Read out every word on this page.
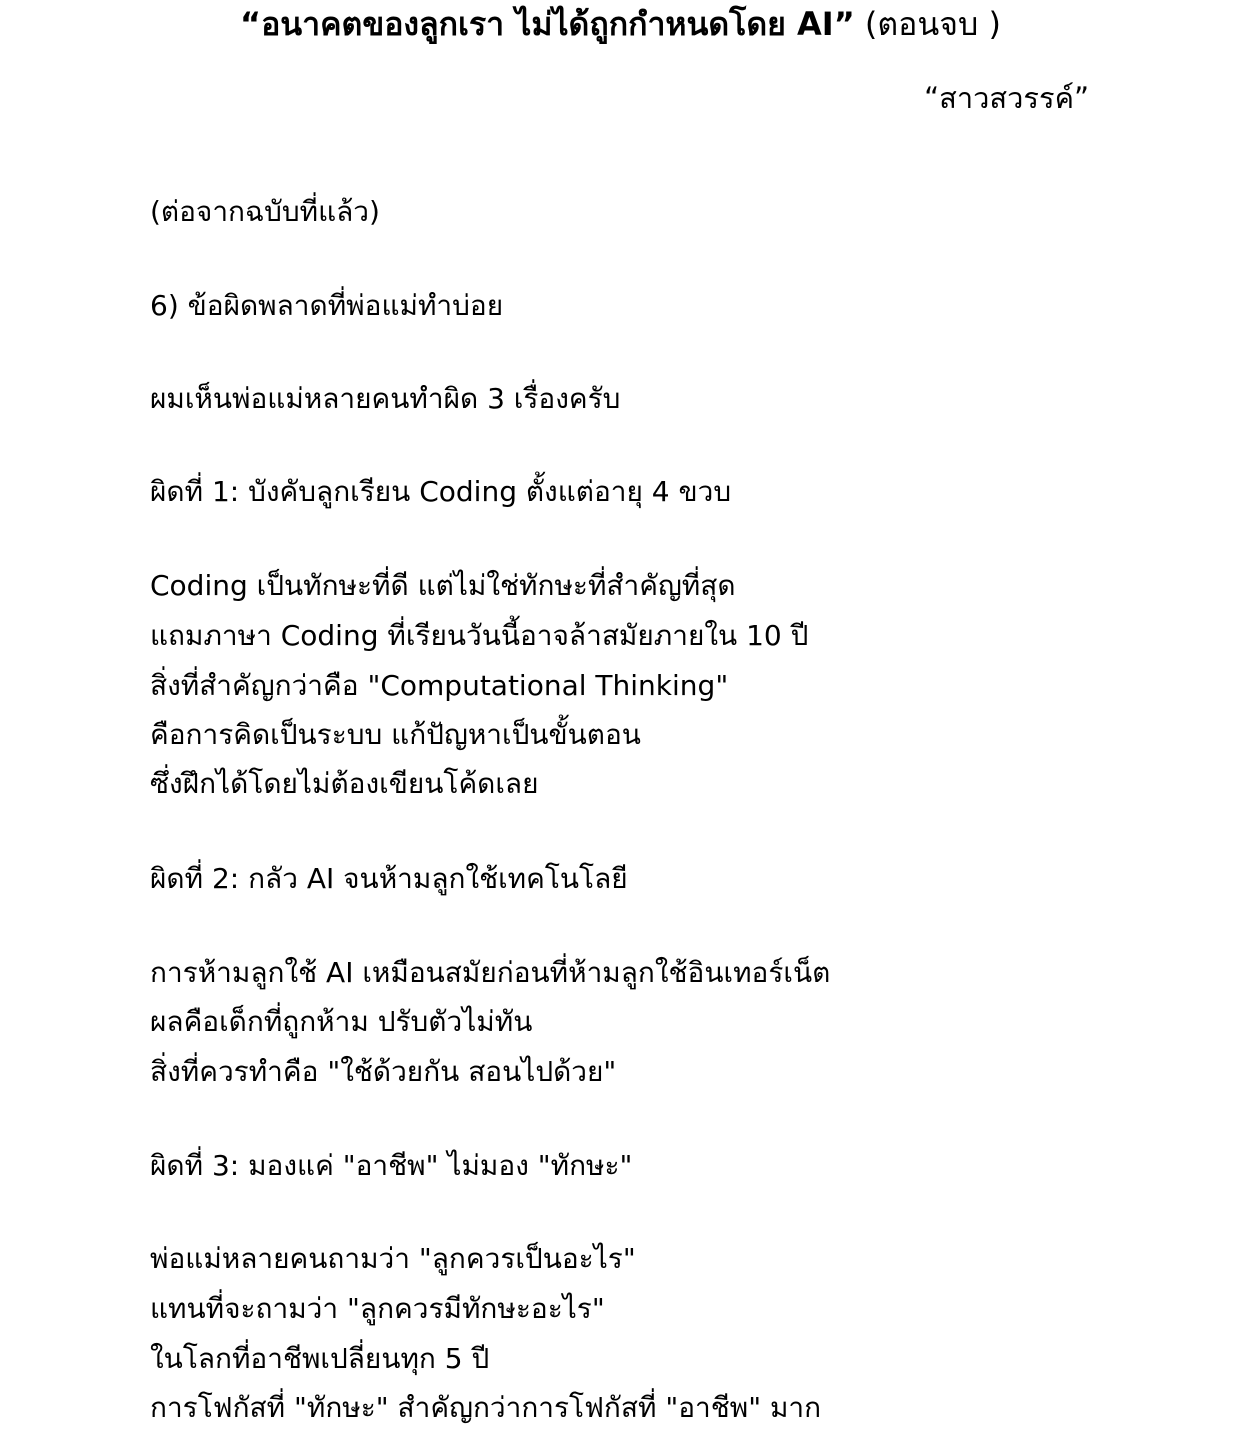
“อนาคตของลูกเรา ไม่ได้ถูกกำหนดโดย AI” (ตอนจบ )
“สาวสวรรค์”
(ต่อจากฉบับที่แล้ว)
6) ข้อผิดพลาดที่พ่อแม่ทำบ่อย
ผมเห็นพ่อแม่หลายคนทำผิด 3 เรื่องครับ
ผิดที่ 1: บังคับลูกเรียน Coding ตั้งแต่อายุ 4 ขวบ
Coding เป็นทักษะที่ดี แต่ไม่ใช่ทักษะที่สำคัญที่สุด
แถมภาษา Coding ที่เรียนวันนี้อาจล้าสมัยภายใน 10 ปี
สิ่งที่สำคัญกว่าคือ "Computational Thinking"
คือการคิดเป็นระบบ แก้ปัญหาเป็นขั้นตอน
ซึ่งฝึกได้โดยไม่ต้องเขียนโค้ดเลย
ผิดที่ 2: กลัว AI จนห้ามลูกใช้เทคโนโลยี
การห้ามลูกใช้ AI เหมือนสมัยก่อนที่ห้ามลูกใช้อินเทอร์เน็ต
ผลคือเด็กที่ถูกห้าม ปรับตัวไม่ทัน
สิ่งที่ควรทำคือ "ใช้ด้วยกัน สอนไปด้วย"
ผิดที่ 3: มองแค่ "อาชีพ" ไม่มอง "ทักษะ"
พ่อแม่หลายคนถามว่า "ลูกควรเป็นอะไร"
แทนที่จะถามว่า "ลูกควรมีทักษะอะไร"
ในโลกที่อาชีพเปลี่ยนทุก 5 ปี
การโฟกัสที่ "ทักษะ" สำคัญกว่าการโฟกัสที่ "อาชีพ" มาก
